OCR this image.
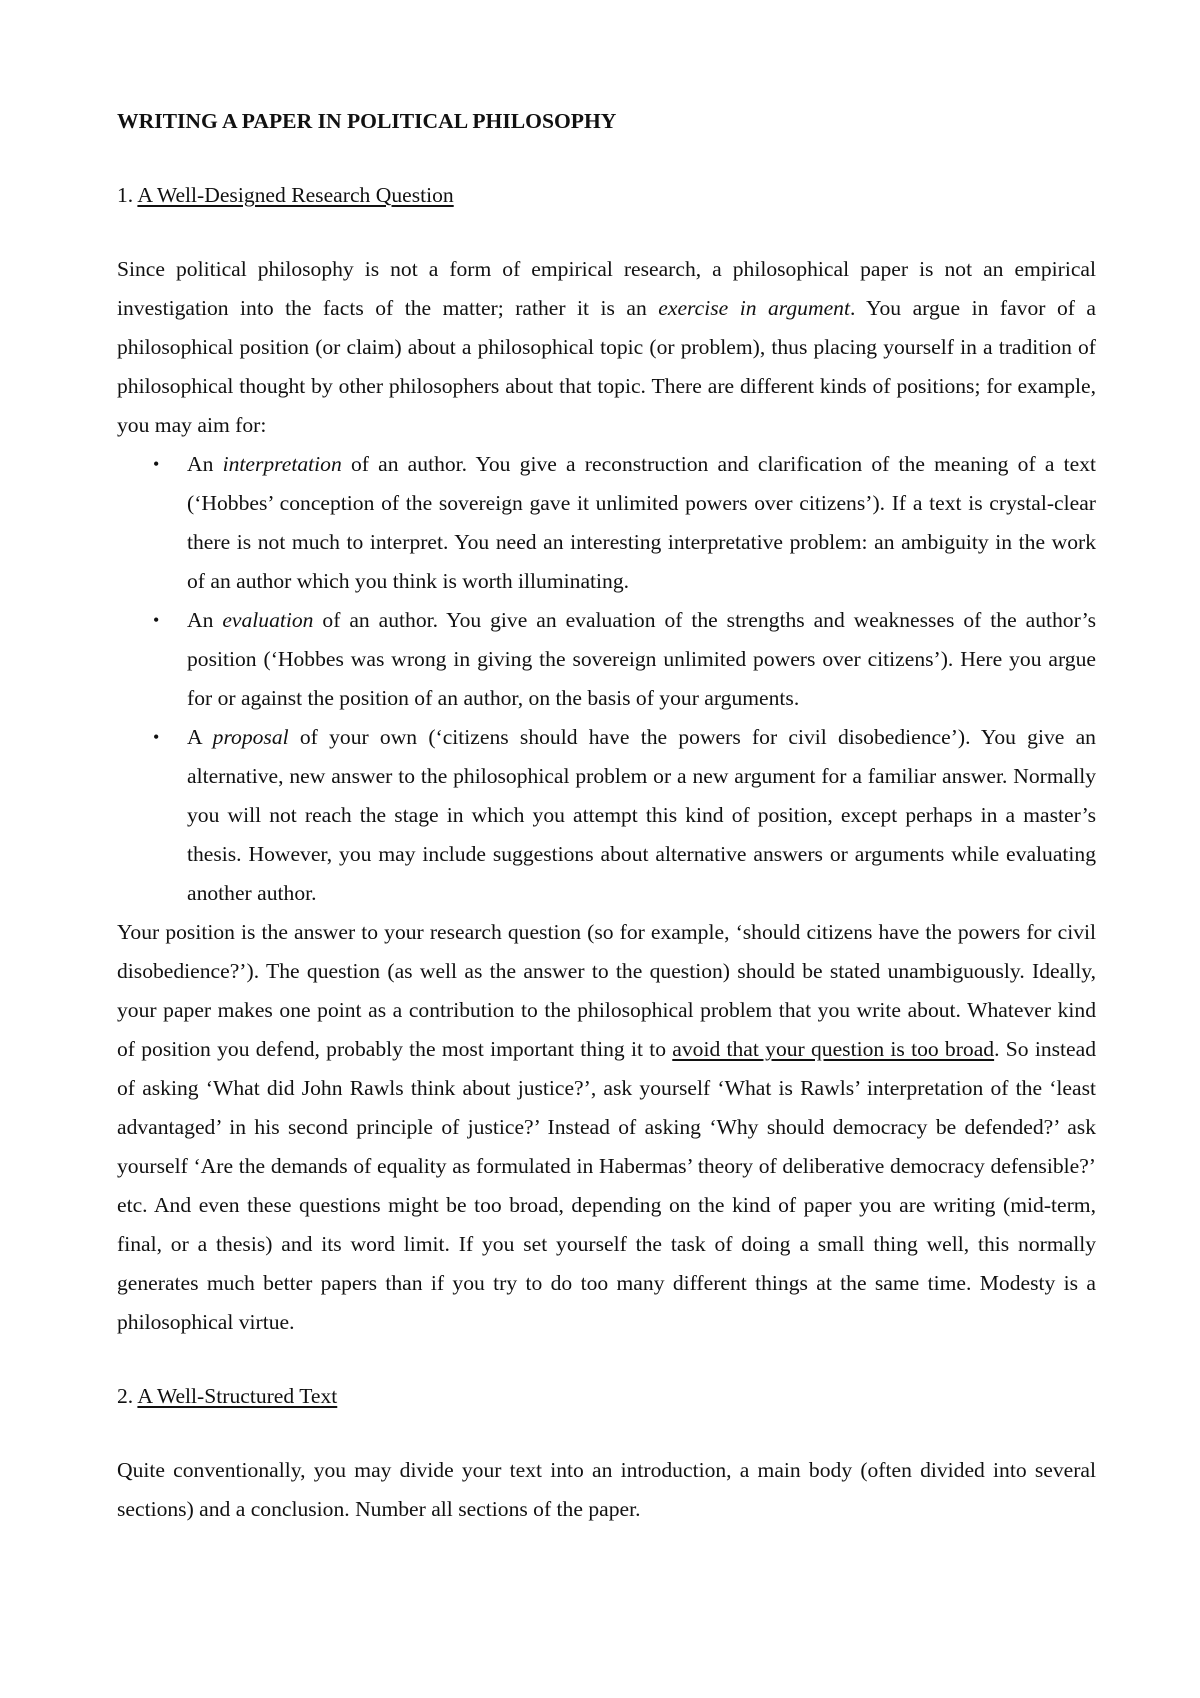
WRITING A PAPER IN POLITICAL PHILOSOPHY
1. A Well-Designed Research Question

Since political philosophy is not a form of empirical research, a philosophical paper is not an empirical investigation into the facts of the matter; rather it is an exercise in argument. You argue in favor of a philosophical position (or claim) about a philosophical topic (or problem), thus placing yourself in a tradition of philosophical thought by other philosophers about that topic. There are different kinds of positions; for example, you may aim for:

• An interpretation of an author. You give a reconstruction and clarification of the meaning of a text (‘Hobbes’ conception of the sovereign gave it unlimited powers over citizens’). If a text is crystal-clear there is not much to interpret. You need an interesting interpretative problem: an ambiguity in the work of an author which you think is worth illuminating.
• An evaluation of an author. You give an evaluation of the strengths and weaknesses of the author’s position (‘Hobbes was wrong in giving the sovereign unlimited powers over citizens’). Here you argue for or against the position of an author, on the basis of your arguments.
• A proposal of your own (‘citizens should have the powers for civil disobedience’). You give an alternative, new answer to the philosophical problem or a new argument for a familiar answer. Normally you will not reach the stage in which you attempt this kind of position, except perhaps in a master’s thesis. However, you may include suggestions about alternative answers or arguments while evaluating another author.

Your position is the answer to your research question (so for example, ‘should citizens have the powers for civil disobedience?’). The question (as well as the answer to the question) should be stated unambiguously. Ideally, your paper makes one point as a contribution to the philosophical problem that you write about. Whatever kind of position you defend, probably the most important thing it to avoid that your question is too broad. So instead of asking ‘What did John Rawls think about justice?’, ask yourself ‘What is Rawls’ interpretation of the ‘least advantaged’ in his second principle of justice?’ Instead of asking ‘Why should democracy be defended?’ ask yourself ‘Are the demands of equality as formulated in Habermas’ theory of deliberative democracy defensible?’ etc. And even these questions might be too broad, depending on the kind of paper you are writing (mid-term, final, or a thesis) and its word limit. If you set yourself the task of doing a small thing well, this normally generates much better papers than if you try to do too many different things at the same time. Modesty is a philosophical virtue.

2. A Well-Structured Text

Quite conventionally, you may divide your text into an introduction, a main body (often divided into several sections) and a conclusion. Number all sections of the paper.
